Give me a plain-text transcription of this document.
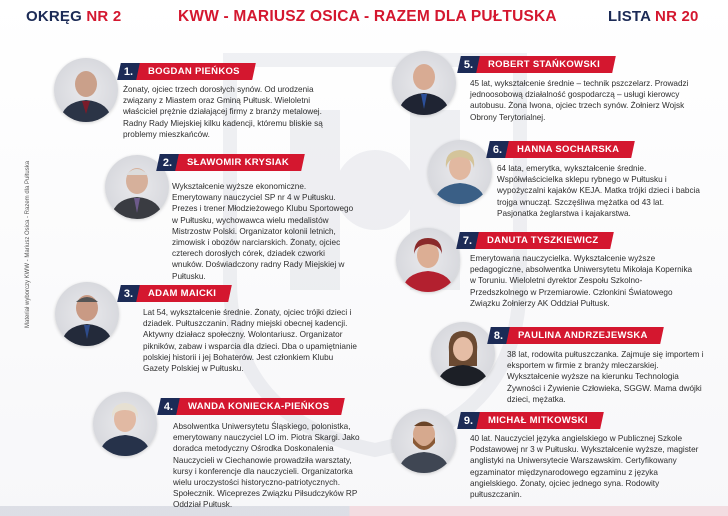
OKRĘG NR 2	KWW - MARIUSZ OSICA - RAZEM DLA PUŁTUSKA	LISTA NR 20
Materiał wyborczy KWW - Mariusz Osica - Razem dla Pułtuska
1. BOGDAN PIEŃKOS
Żonaty, ojciec trzech dorosłych synów. Od urodzenia związany z Miastem oraz Gminą Pułtusk. Wieloletni właściciel prężnie działającej firmy z branży metalowej. Radny Rady Miejskiej kilku kadencji, któremu bliskie są problemy mieszkańców.
2. SŁAWOMIR KRYSIAK
Wykształcenie wyższe ekonomiczne. Emerytowany nauczyciel SP nr 4 w Pułtusku. Prezes i trener Młodzieżowego Klubu Sportowego w Pułtusku, wychowawca wielu medalistów Mistrzostw Polski. Organizator kolonii letnich, zimowisk i obozów narciarskich. Żonaty, ojciec czterech dorosłych córek, dziadek czworki wnuków. Doświadczony radny Rady Miejskiej w Pułtusku.
3. ADAM MAICKI
Lat 54, wykształcenie średnie. Żonaty, ojciec trójki dzieci i dziadek. Pułtuszczanin. Radny miejski obecnej kadencji. Aktywny działacz społeczny. Wolontariusz. Organizator pikników, zabaw i wsparcia dla dzieci. Dba o upamiętnianie polskiej historii i jej Bohaterów. Jest członkiem Klubu Gazety Polskiej w Pułtusku.
4. WANDA KONIECKA-PIEŃKOS
Absolwentka Uniwersytetu Śląskiego, polonistka, emerytowany nauczyciel LO im. Piotra Skargi. Jako doradca metodyczny Ośrodka Doskonalenia Nauczycieli w Ciechanowie prowadziła warsztaty, kursy i konferencje dla nauczycieli. Organizatorka wielu uroczystości historyczno-patriotycznych. Społecznik. Wiceprezes Związku Piłsudczyków RP Oddział Pułtusk.
5. ROBERT STAŃKOWSKI
45 lat, wykształcenie średnie – technik pszczelarz. Prowadzi jednoosobową działalność gospodarczą – usługi kierowcy autobusu. Żona Iwona, ojciec trzech synów. Żołnierz Wojsk Obrony Terytorialnej.
6. HANNA SOCHARSKA
64 lata, emerytka, wykształcenie średnie. Współwłaścicielka sklepu rybnego w Pułtusku i wypożyczalni kajaków KEJA. Matka trójki dzieci i babcia trojga wnucząt. Szczęśliwa mężatka od 43 lat. Pasjonatka żeglarstwa i kajakarstwa.
7. DANUTA TYSZKIEWICZ
Emerytowana nauczycielka. Wykształcenie wyższe pedagogiczne, absolwentka Uniwersytetu Mikołaja Kopernika w Toruniu. Wieloletni dyrektor Zespołu Szkolno-Przedszkolnego w Przemiarowie. Członkini Światowego Związku Żołnierzy AK Oddział Pułtusk.
8. PAULINA ANDRZEJEWSKA
38 lat, rodowita pułtuszczanka. Zajmuje się importem i eksportem w firmie z branży mleczarskiej. Wykształcenie wyższe na kierunku Technologia Żywności i Żywienie Człowieka, SGGW. Mama dwójki dzieci, mężatka.
9. MICHAŁ MITKOWSKI
40 lat. Nauczyciel języka angielskiego w Publicznej Szkole Podstawowej nr 3 w Pułtusku. Wykształcenie wyższe, magister anglistyki na Uniwersytecie Warszawskim. Certyfikowany egzaminator międzynarodowego egzaminu z języka angielskiego. Żonaty, ojciec jednego syna. Rodowity pułtuszczanin.
